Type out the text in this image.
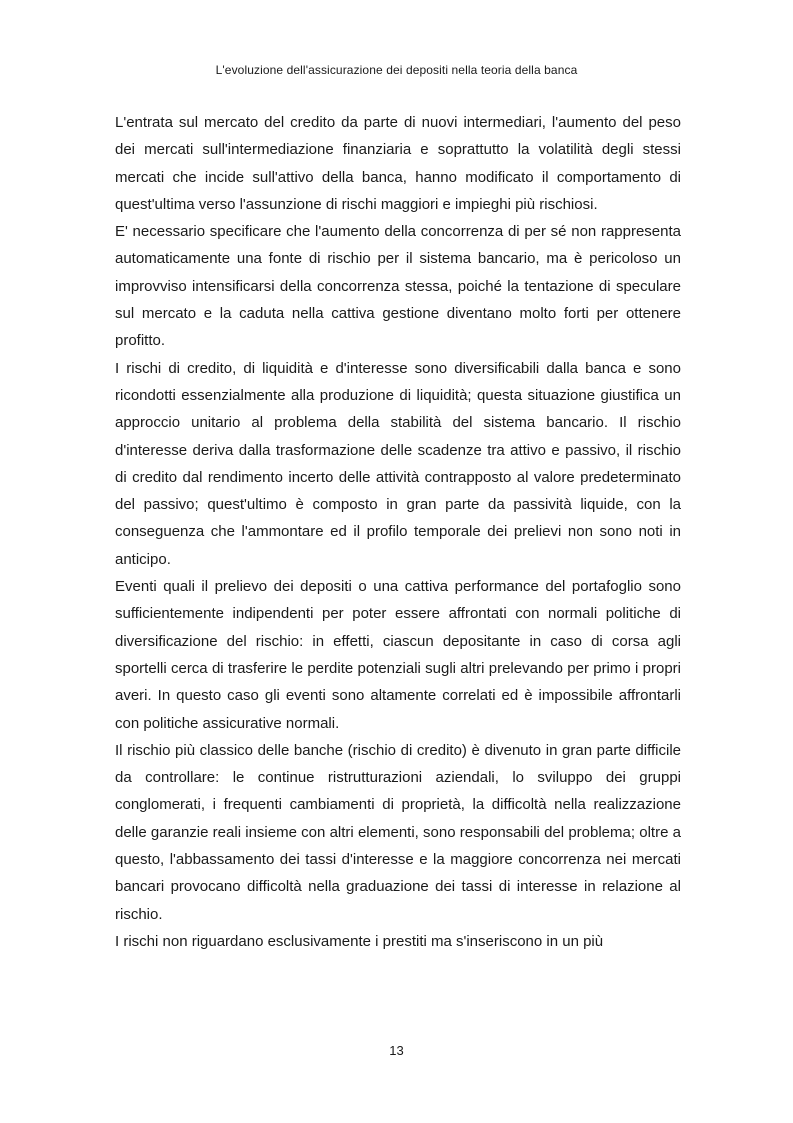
L'evoluzione dell'assicurazione dei depositi nella teoria della banca

L'entrata sul mercato del credito da parte di nuovi intermediari, l'aumento del peso dei mercati sull'intermediazione finanziaria e soprattutto la volatilità degli stessi mercati che incide sull'attivo della banca, hanno modificato il comportamento di quest'ultima verso l'assunzione di rischi maggiori e impieghi più rischiosi.

E' necessario specificare che l'aumento della concorrenza di per sé non rappresenta automaticamente una fonte di rischio per il sistema bancario, ma è pericoloso un improvviso intensificarsi della concorrenza stessa, poiché la tentazione di speculare sul mercato e la caduta nella cattiva gestione diventano molto forti per ottenere profitto.

I rischi di credito, di liquidità e d'interesse sono diversificabili dalla banca e sono ricondotti essenzialmente alla produzione di liquidità; questa situazione giustifica un approccio unitario al problema della stabilità del sistema bancario. Il rischio d'interesse deriva dalla trasformazione delle scadenze tra attivo e passivo, il rischio di credito dal rendimento incerto delle attività contrapposto al valore predeterminato del passivo; quest'ultimo è composto in gran parte da passività liquide, con la conseguenza che l'ammontare ed il profilo temporale dei prelievi non sono noti in anticipo.

Eventi quali il prelievo dei depositi o una cattiva performance del portafoglio sono sufficientemente indipendenti per poter essere affrontati con normali politiche di diversificazione del rischio: in effetti, ciascun depositante in caso di corsa agli sportelli cerca di trasferire le perdite potenziali sugli altri prelevando per primo i propri averi. In questo caso gli eventi sono altamente correlati ed è impossibile affrontarli con politiche assicurative normali.

Il rischio più classico delle banche (rischio di credito) è divenuto in gran parte difficile da controllare: le continue ristrutturazioni aziendali, lo sviluppo dei gruppi conglomerati, i frequenti cambiamenti di proprietà, la difficoltà nella realizzazione delle garanzie reali insieme con altri elementi, sono responsabili del problema; oltre a questo, l'abbassamento dei tassi d'interesse e la maggiore concorrenza nei mercati bancari provocano difficoltà nella graduazione dei tassi di interesse in relazione al rischio.

I rischi non riguardano esclusivamente i prestiti ma s'inseriscono in un più

13
